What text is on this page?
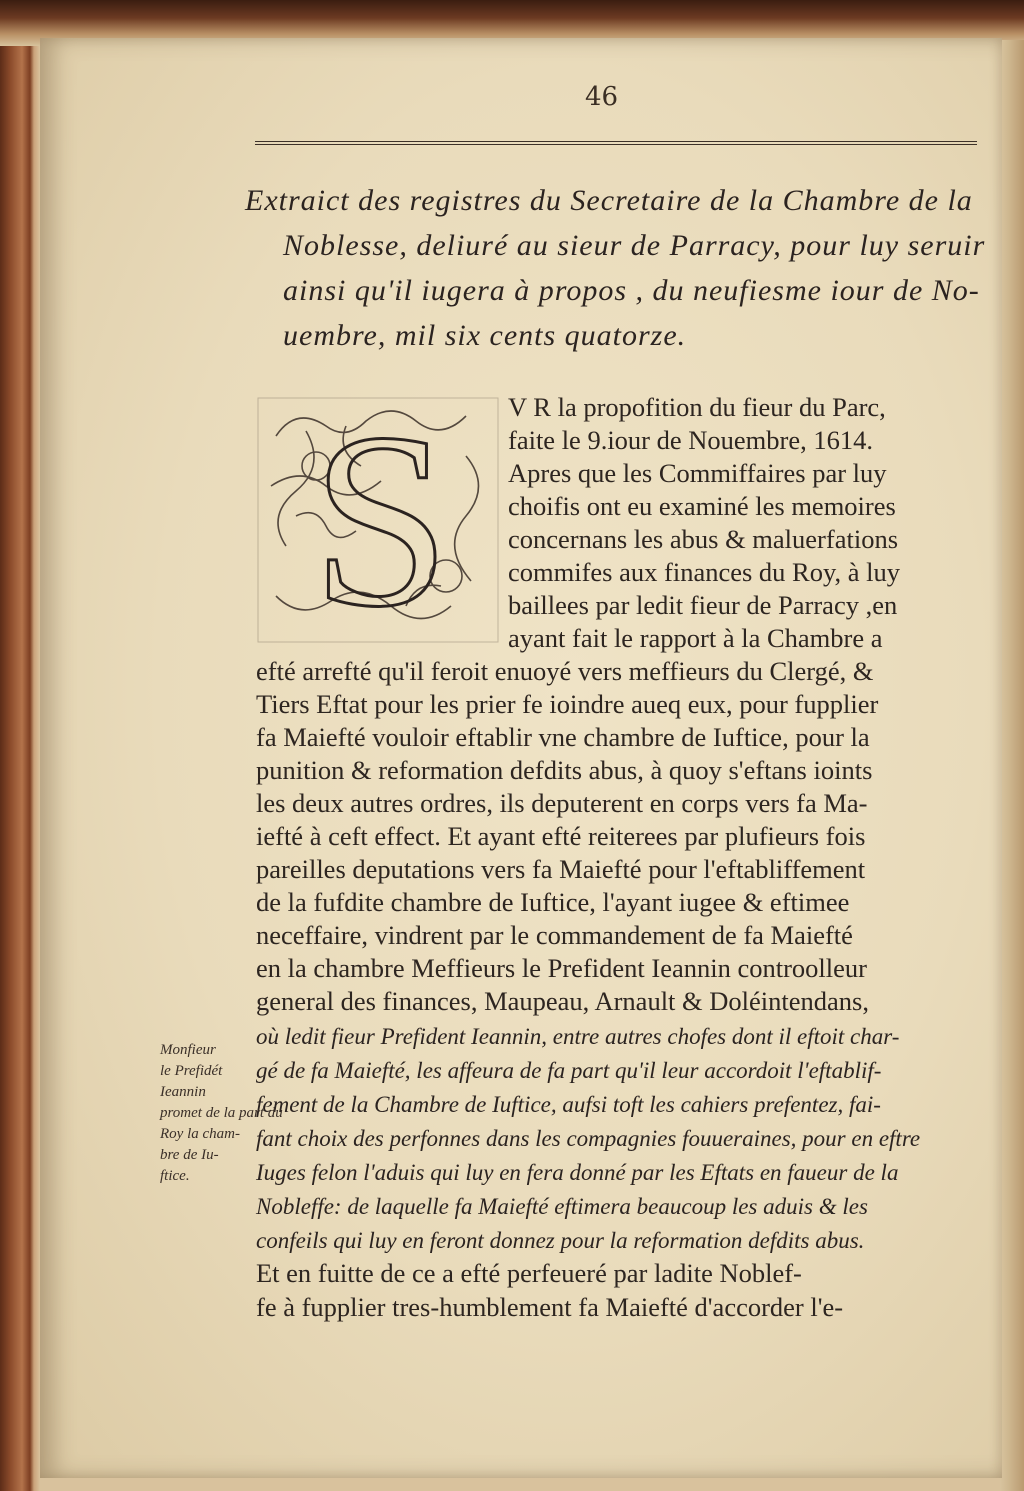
46
Extraict des registres du Secretaire de la Chambre de la
Noblesse, deliuré au sieur de Parracy, pour luy seruir
ainsi qu'il iugera à propos , du neufiesme iour de No-
uembre, mil six cents quatorze.
S V R la propofition du fieur du Parc,
faite le 9.iour de Nouembre, 1614.
Apres que les Commiffaires par luy
choifis ont eu examiné les memoires
concernans les abus & maluerfations
commifes aux finances du Roy, à luy
baillees par ledit fieur de Parracy ,en
ayant fait le rapport à la Chambre a
efté arrefté qu'il feroit enuoyé vers meffieurs du Clergé, &
Tiers Eftat pour les prier fe ioindre aueq eux, pour fupplier
fa Maiefté vouloir eftablir vne chambre de Iuftice, pour la
punition & reformation defdits abus, à quoy s'eftans ioints
les deux autres ordres, ils deputerent en corps vers fa Ma-
iefté à ceft effect. Et ayant efté reiterees par plufieurs fois
pareilles deputations vers fa Maiefté pour l'eftabliffement
de la fufdite chambre de Iuftice, l'ayant iugee & eftimee
neceffaire, vindrent par le commandement de fa Maiefté
en la chambre Meffieurs le Prefident Ieannin controolleur
general des finances, Maupeau, Arnault & Doléintendans,
où ledit fieur Prefident Ieannin, entre autres chofes dont il eftoit char-
gé de fa Maiefté, les affeura de fa part qu'il leur accordoit l'eftablif-
fement de la Chambre de Iuftice, aufsi toft les cahiers prefentez, fai-
fant choix des perfonnes dans les compagnies fouueraines, pour en eftre
Iuges felon l'aduis qui luy en fera donné par les Eftats en faueur de la
Nobleffe: de laquelle fa Maiefté eftimera beaucoup les aduis & les
confeils qui luy en feront donnez pour la reformation defdits abus.
Et en fuitte de ce a efté perfeueré par ladite Noblef-
fe à fupplier tres-humblement fa Maiefté d'accorder l'e-
Monfieur
le Prefidét
Ieannin
promet de la part du
Roy la cham-
bre de Iu-
ftice.
